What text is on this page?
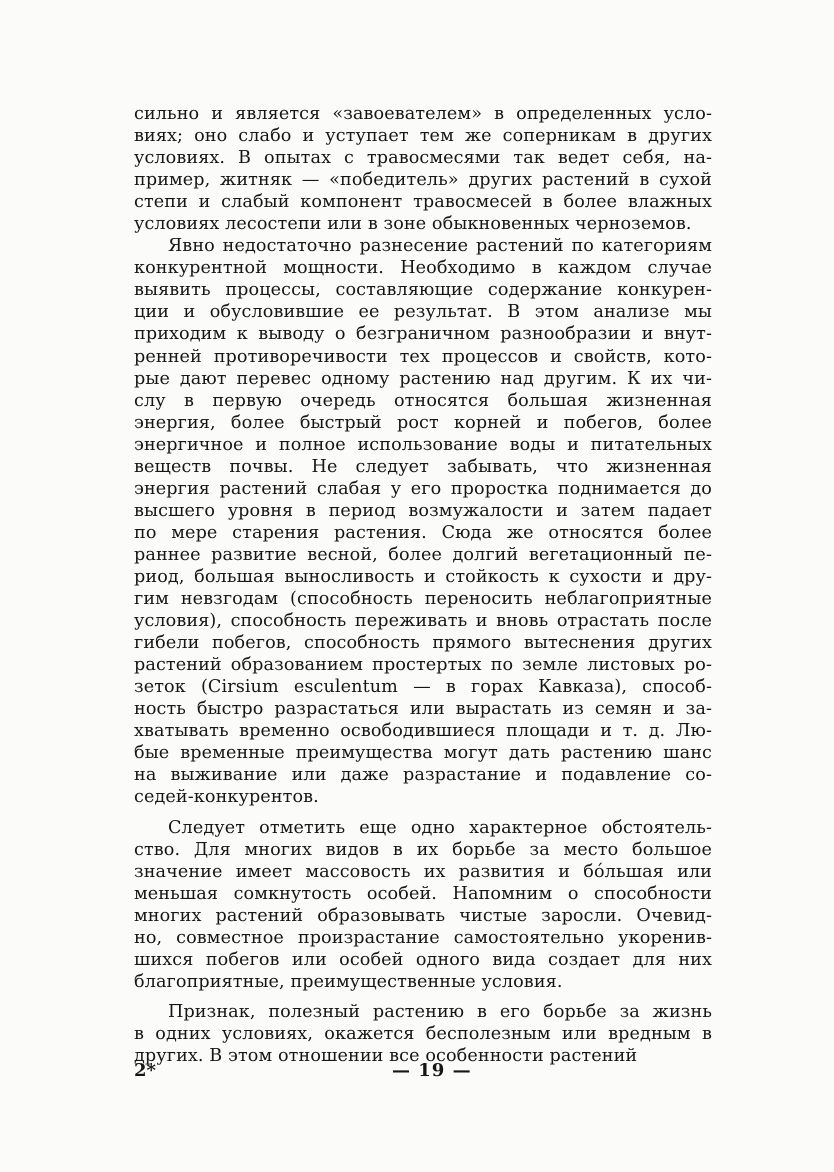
сильно и является «завоевателем» в определенных усло-
виях; оно слабо и уступает тем же соперникам в других
условиях. В опытах с травосмесями так ведет себя, на-
пример, житняк — «победитель» других растений в сухой
степи и слабый компонент травосмесей в более влажных
условиях лесостепи или в зоне обыкновенных черноземов.
Явно недостаточно разнесение растений по категориям
конкурентной мощности. Необходимо в каждом случае
выявить процессы, составляющие содержание конкурен-
ции и обусловившие ее результат. В этом анализе мы
приходим к выводу о безграничном разнообразии и внут-
ренней противоречивости тех процессов и свойств, кото-
рые дают перевес одному растению над другим. К их чи-
слу в первую очередь относятся большая жизненная
энергия, более быстрый рост корней и побегов, более
энергичное и полное использование воды и питательных
веществ почвы. Не следует забывать, что жизненная
энергия растений слабая у его проростка поднимается до
высшего уровня в период возмужалости и затем падает
по мере старения растения. Сюда же относятся более
раннее развитие весной, более долгий вегетационный пе-
риод, большая выносливость и стойкость к сухости и дру-
гим невзгодам (способность переносить неблагоприятные
условия), способность переживать и вновь отрастать после
гибели побегов, способность прямого вытеснения других
растений образованием простертых по земле листовых ро-
зеток (Cirsium esculentum — в горах Кавказа), способ-
ность быстро разрастаться или вырастать из семян и за-
хватывать временно освободившиеся площади и т. д. Лю-
бые временные преимущества могут дать растению шанс
на выживание или даже разрастание и подавление со-
седей-конкурентов.
Следует отметить еще одно характерное обстоятель-
ство. Для многих видов в их борьбе за место большое
значение имеет массовость их развития и бо́льшая или
меньшая сомкнутость особей. Напомним о способности
многих растений образовывать чистые заросли. Очевид-
но, совместное произрастание самостоятельно укоренив-
шихся побегов или особей одного вида создает для них
благоприятные, преимущественные условия.
Признак, полезный растению в его борьбе за жизнь
в одних условиях, окажется бесполезным или вредным в
других. В этом отношении все особенности растений
2*	— 19 —
